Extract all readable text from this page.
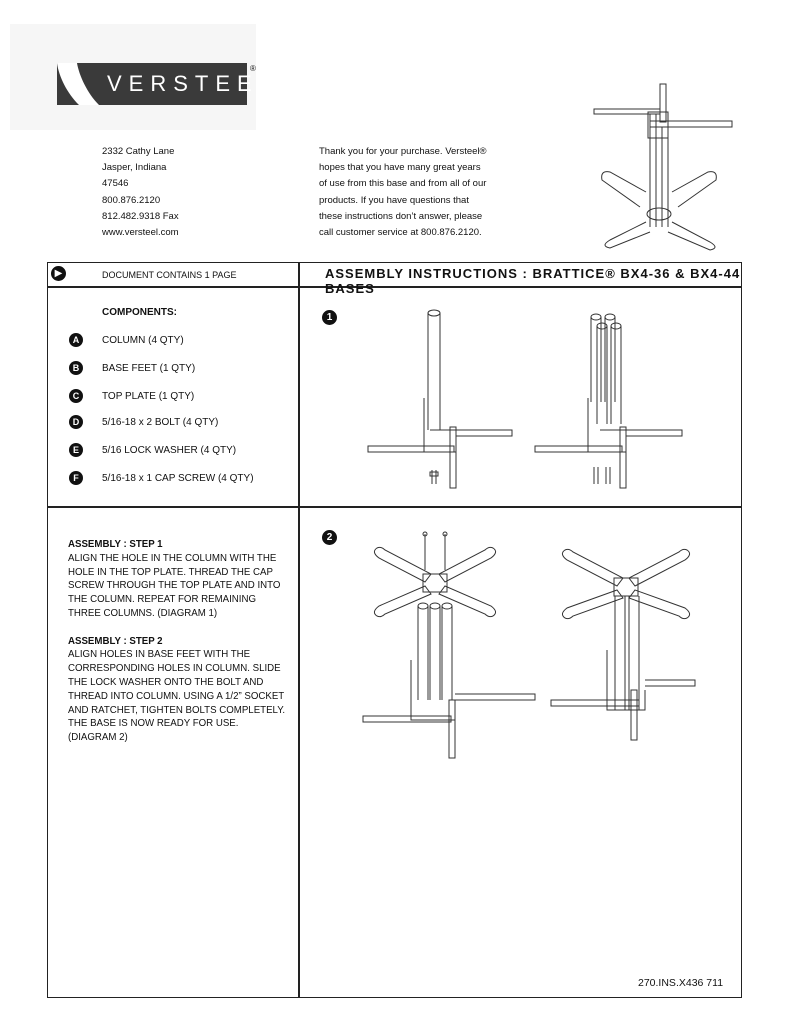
VERSTEEL
®
2332 Cathy Lane
Jasper, Indiana
47546
800.876.2120
812.482.9318 Fax
www.versteel.com
Thank you for your purchase. Versteel®
hopes that you have many great years
of use from this base and from all of our
products. If you have questions that
these instructions don’t answer, please
call customer service at 800.876.2120.
▶	DOCUMENT CONTAINS 1 PAGE	ASSEMBLY INSTRUCTIONS : BRATTICE® BX4-36 & BX4-44 BASES
COMPONENTS:
A	COLUMN (4 QTY)
B	BASE FEET (1 QTY)
C	TOP PLATE (1 QTY)
D	5/16-18 x 2 BOLT (4 QTY)
E	5/16 LOCK WASHER (4 QTY)
F	5/16-18 x 1 CAP SCREW (4 QTY)

ASSEMBLY : STEP 1
ALIGN THE HOLE IN THE COLUMN WITH THE
HOLE IN THE TOP PLATE. THREAD THE CAP
SCREW THROUGH THE TOP PLATE AND INTO
THE COLUMN. REPEAT FOR REMAINING
THREE COLUMNS. (DIAGRAM 1)

ASSEMBLY : STEP 2
ALIGN HOLES IN BASE FEET WITH THE
CORRESPONDING HOLES IN COLUMN. SLIDE
THE LOCK WASHER ONTO THE BOLT AND
THREAD INTO COLUMN. USING A 1/2” SOCKET
AND RATCHET, TIGHTEN BOLTS COMPLETELY.
THE BASE IS NOW READY FOR USE.
(DIAGRAM 2)

1
2
270.INS.X436 711
